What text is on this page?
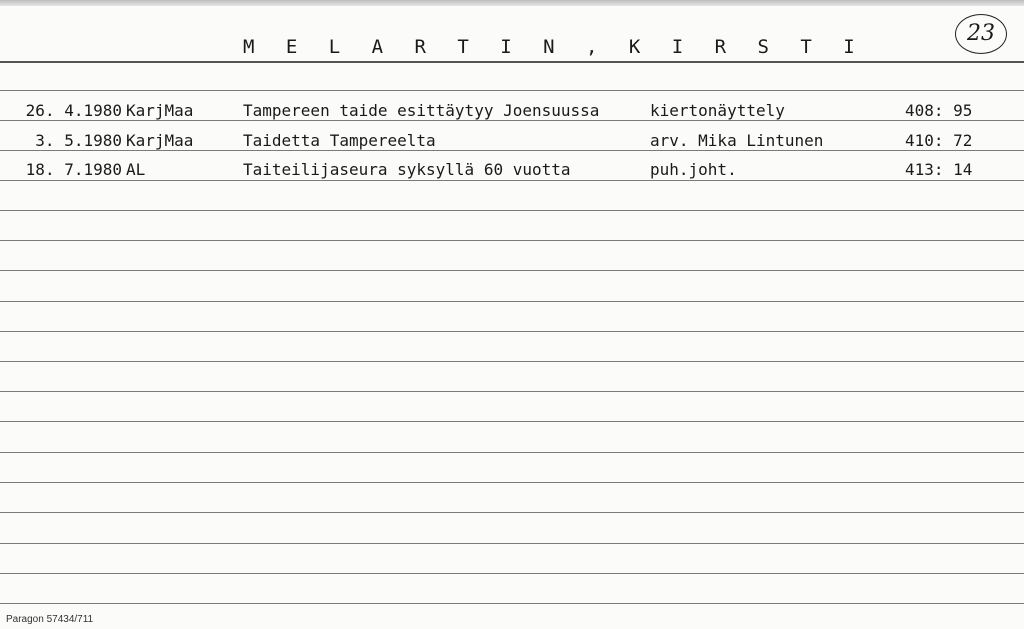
M E L A R T I N , K I R S T I
23
26. 4.1980 KarjMaa	Tampereen taide esittäytyy Joensuussa	kiertonäyttely	408: 95
3. 5.1980 KarjMaa	Taidetta Tampereelta	arv. Mika Lintunen	410: 72
18. 7.1980 AL	Taiteilijaseura syksyllä 60 vuotta	puh.joht.	413: 14
Paragon 57434/711
